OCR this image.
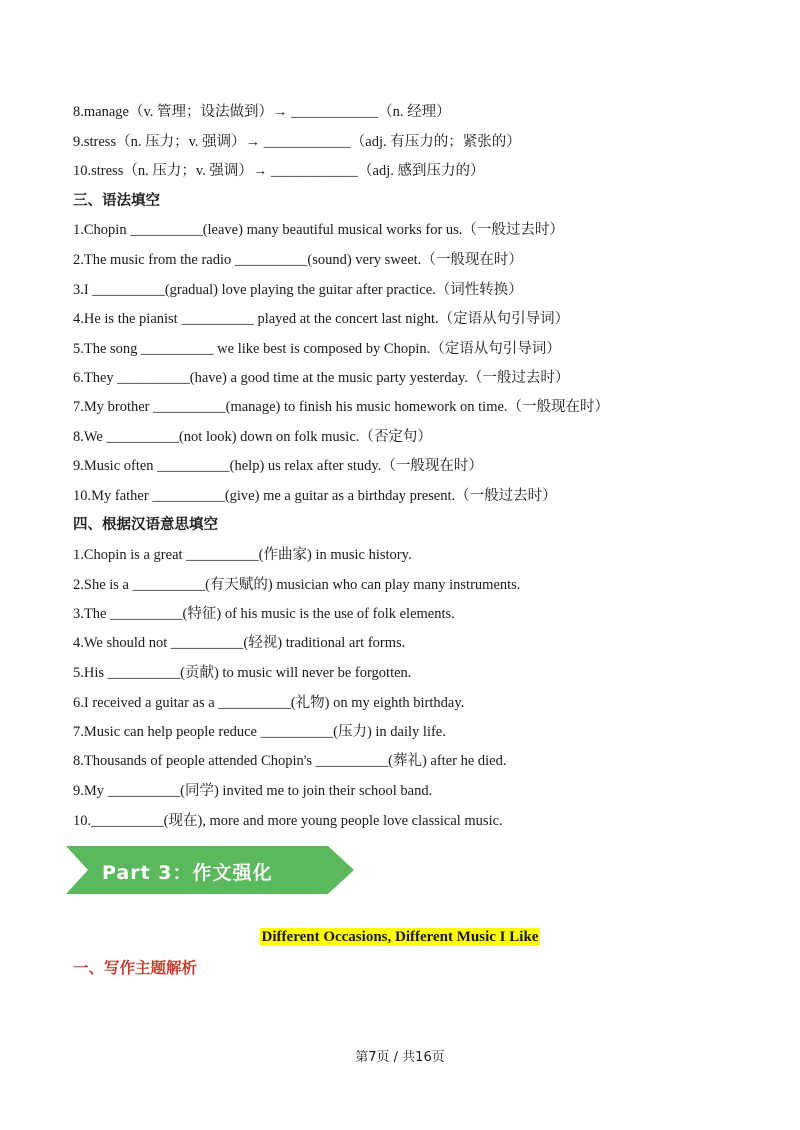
8.manage（v. 管理；设法做到）→ ____________（n. 经理）
9.stress（n. 压力；v. 强调）→ ____________（adj. 有压力的；紧张的）
10.stress（n. 压力；v. 强调）→ ____________（adj. 感到压力的）
三、语法填空
1.Chopin __________(leave) many beautiful musical works for us.（一般过去时）
2.The music from the radio __________(sound) very sweet.（一般现在时）
3.I __________(gradual) love playing the guitar after practice.（词性转换）
4.He is the pianist __________ played at the concert last night.（定语从句引导词）
5.The song __________ we like best is composed by Chopin.（定语从句引导词）
6.They __________(have) a good time at the music party yesterday.（一般过去时）
7.My brother __________(manage) to finish his music homework on time.（一般现在时）
8.We __________(not look) down on folk music.（否定句）
9.Music often __________(help) us relax after study.（一般现在时）
10.My father __________(give) me a guitar as a birthday present.（一般过去时）
四、根据汉语意思填空
1.Chopin is a great __________(作曲家) in music history.
2.She is a __________(有天赋的) musician who can play many instruments.
3.The __________(特征) of his music is the use of folk elements.
4.We should not __________(轻视) traditional art forms.
5.His __________(贡献) to music will never be forgotten.
6.I received a guitar as a __________(礼物) on my eighth birthday.
7.Music can help people reduce __________(压力) in daily life.
8.Thousands of people attended Chopin's __________(葬礼) after he died.
9.My __________(同学) invited me to join their school band.
10.__________(现在), more and more young people love classical music.
Part 3：作文强化
Different Occasions, Different Music I Like
一、写作主题解析
第7页 / 共16页
